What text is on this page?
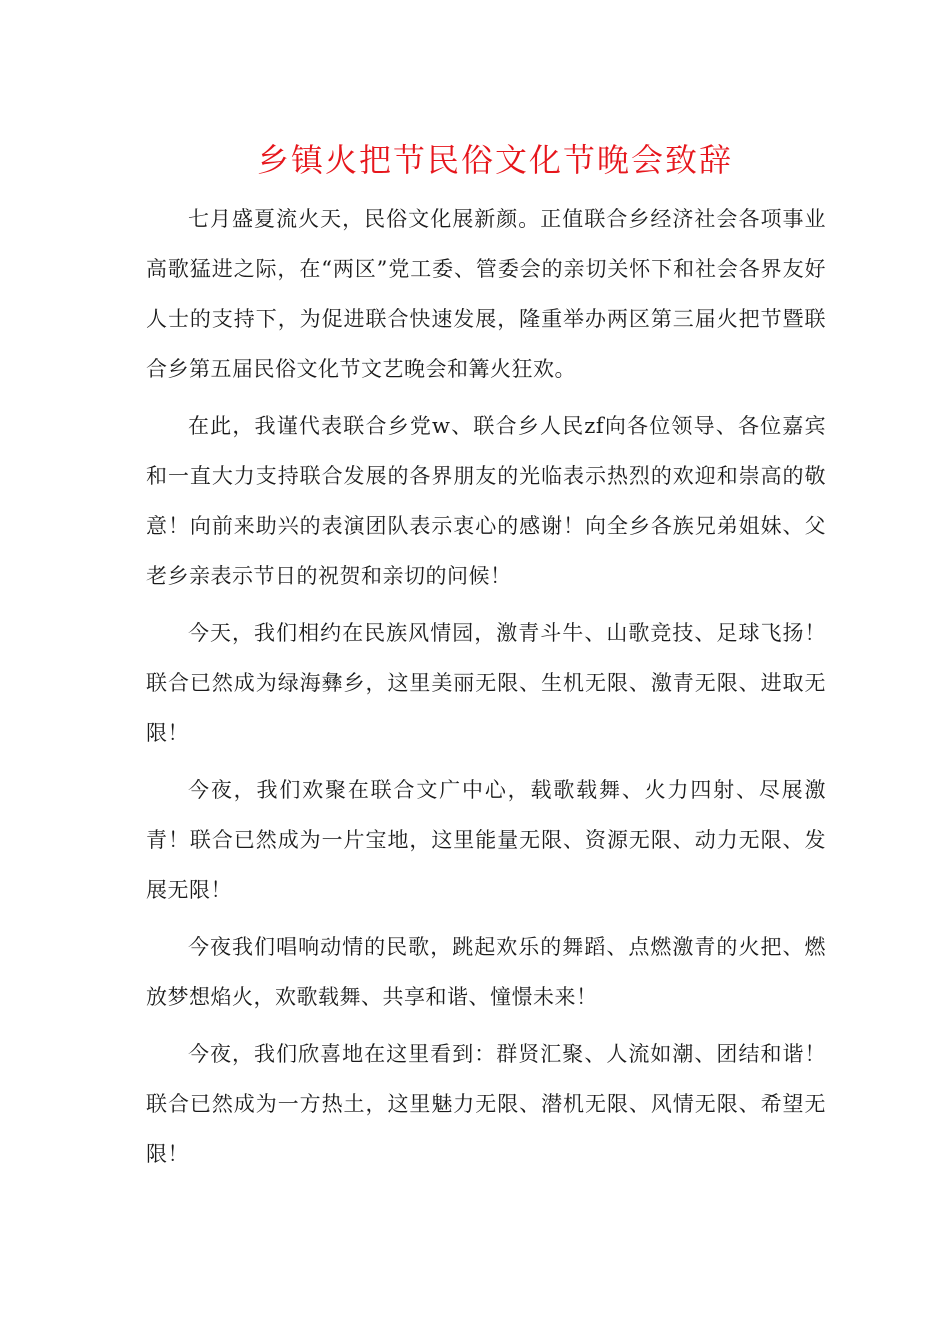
乡镇火把节民俗文化节晚会致辞

七月盛夏流火天，民俗文化展新颜。正值联合乡经济社会各项事业高歌猛进之际，在“两区”党工委、管委会的亲切关怀下和社会各界友好人士的支持下，为促进联合快速发展，隆重举办两区第三届火把节暨联合乡第五届民俗文化节文艺晚会和篝火狂欢。

在此，我谨代表联合乡党w、联合乡人民zf向各位领导、各位嘉宾和一直大力支持联合发展的各界朋友的光临表示热烈的欢迎和崇高的敬意！向前来助兴的表演团队表示衷心的感谢！向全乡各族兄弟姐妹、父老乡亲表示节日的祝贺和亲切的问候！

今天，我们相约在民族风情园，激青斗牛、山歌竞技、足球飞扬！联合已然成为绿海彝乡，这里美丽无限、生机无限、激青无限、进取无限！

今夜，我们欢聚在联合文广中心，载歌载舞、火力四射、尽展激青！联合已然成为一片宝地，这里能量无限、资源无限、动力无限、发展无限！

今夜我们唱响动情的民歌，跳起欢乐的舞蹈、点燃激青的火把、燃放梦想焰火，欢歌载舞、共享和谐、憧憬未来！

今夜，我们欣喜地在这里看到：群贤汇聚、人流如潮、团结和谐！联合已然成为一方热土，这里魅力无限、潜机无限、风情无限、希望无限！
